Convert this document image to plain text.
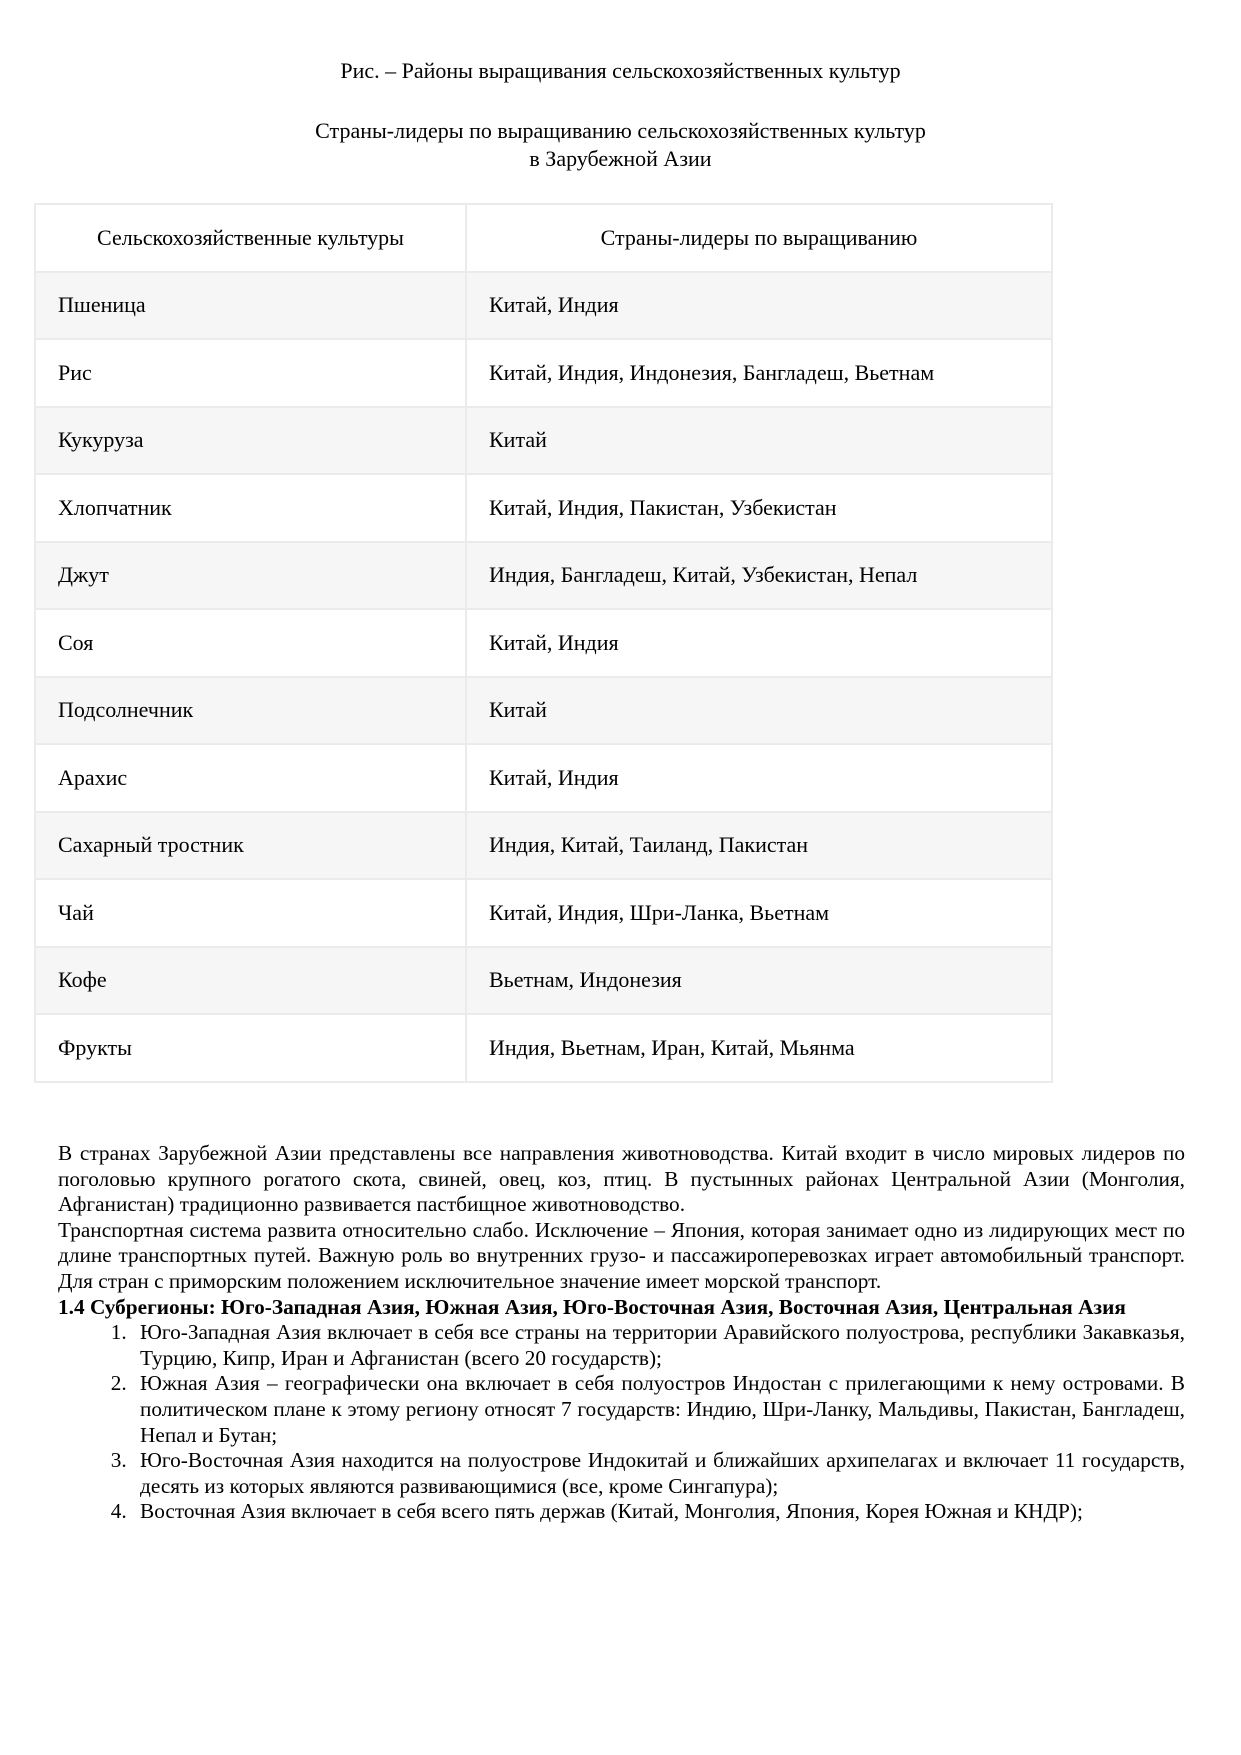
Рис. – Районы выращивания сельскохозяйственных культур
Страны-лидеры по выращиванию сельскохозяйственных культур
в Зарубежной Азии
Сельскохозяйственные культуры	Страны-лидеры по выращиванию
Пшеница	Китай, Индия
Рис	Китай, Индия, Индонезия, Бангладеш, Вьетнам
Кукуруза	Китай
Хлопчатник	Китай, Индия, Пакистан, Узбекистан
Джут	Индия, Бангладеш, Китай, Узбекистан, Непал
Соя	Китай, Индия
Подсолнечник	Китай
Арахис	Китай, Индия
Сахарный тростник	Индия, Китай, Таиланд, Пакистан
Чай	Китай, Индия, Шри-Ланка, Вьетнам
Кофе	Вьетнам, Индонезия
Фрукты	Индия, Вьетнам, Иран, Китай, Мьянма

В странах Зарубежной Азии представлены все направления животноводства. Китай входит в число мировых лидеров по поголовью крупного рогатого скота, свиней, овец, коз, птиц. В пустынных районах Центральной Азии (Монголия, Афганистан) традиционно развивается пастбищное животноводство.

Транспортная система развита относительно слабо. Исключение – Япония, которая занимает одно из лидирующих мест по длине транспортных путей. Важную роль во внутренних грузо- и пассажироперевозках играет автомобильный транспорт. Для стран с приморским положением исключительное значение имеет морской транспорт.

1.4 Субрегионы: Юго-Западная Азия, Южная Азия, Юго-Восточная Азия, Восточная Азия, Центральная Азия
1. Юго-Западная Азия включает в себя все страны на территории Аравийского полуострова, республики Закавказья, Турцию, Кипр, Иран и Афганистан (всего 20 государств);
2. Южная Азия – географически она включает в себя полуостров Индостан с прилегающими к нему островами. В политическом плане к этому региону относят 7 государств: Индию, Шри-Ланку, Мальдивы, Пакистан, Бангладеш, Непал и Бутан;
3. Юго-Восточная Азия находится на полуострове Индокитай и ближайших архипелагах и включает 11 государств, десять из которых являются развивающимися (все, кроме Сингапура);
4. Восточная Азия включает в себя всего пять держав (Китай, Монголия, Япония, Корея Южная и КНДР);
